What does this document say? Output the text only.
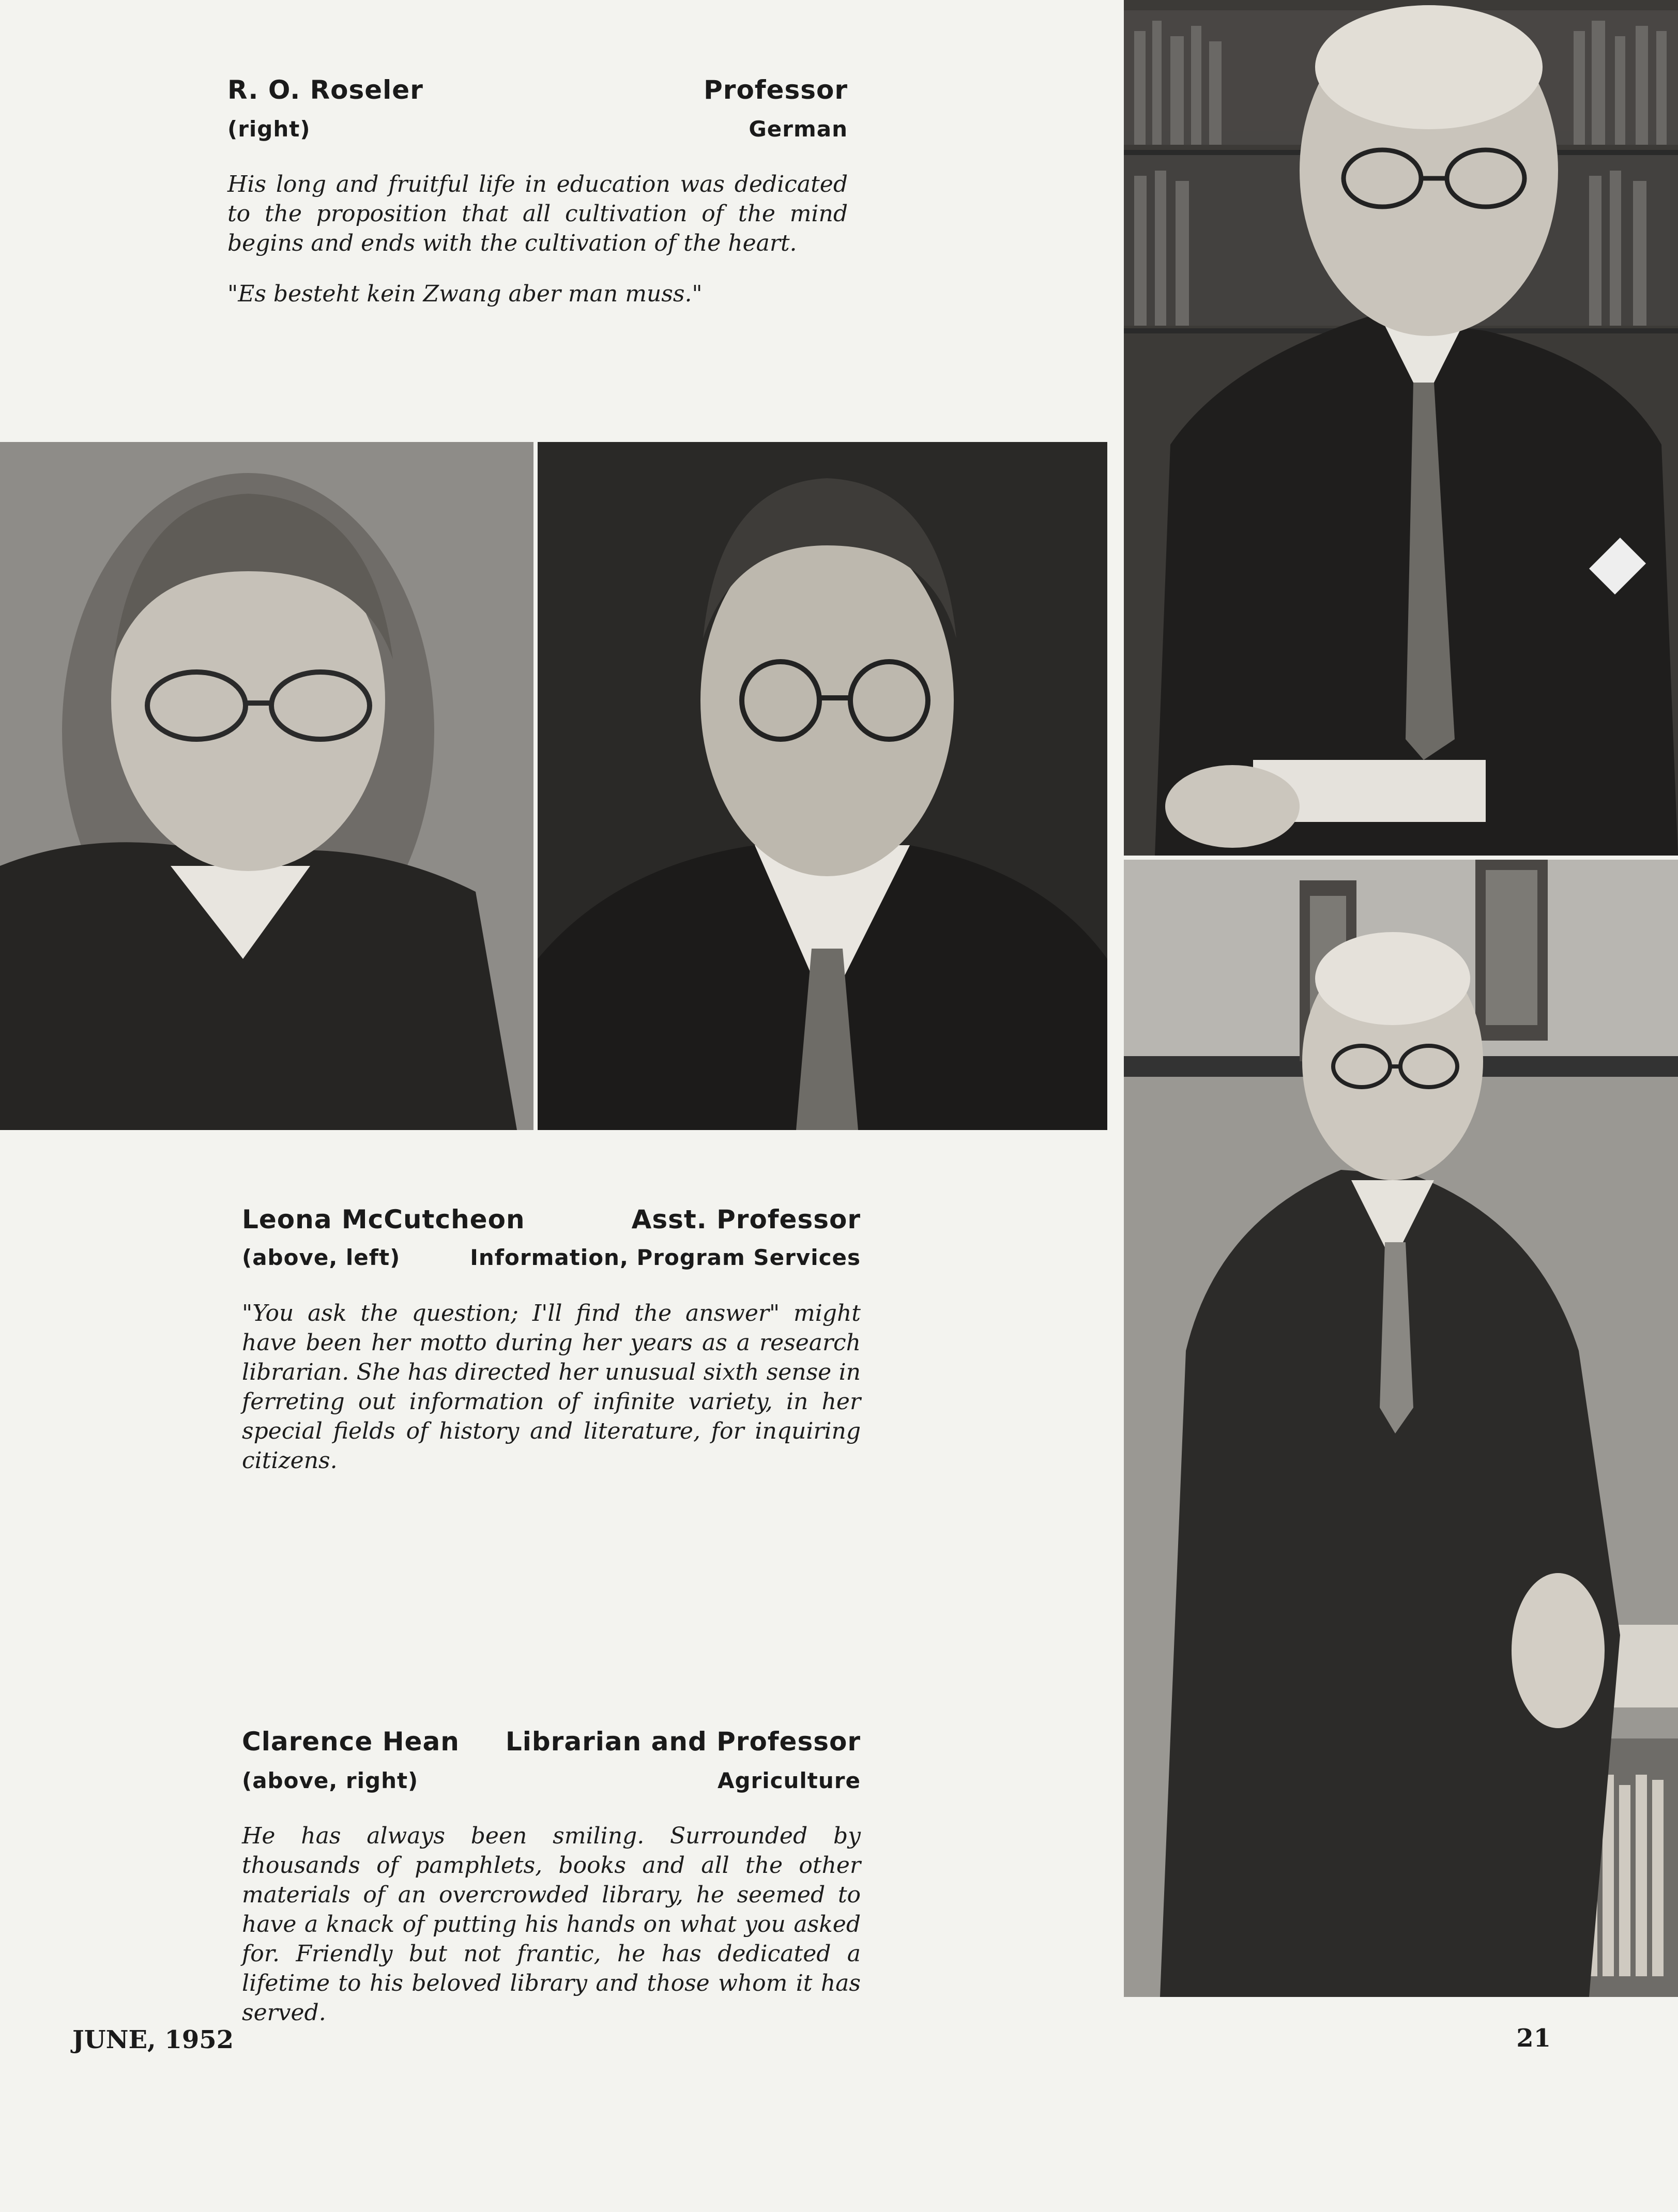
R. O. Roseler	Professor
(right)	German

His long and fruitful life in education was dedicated to the proposition that all cultivation of the mind begins and ends with the cultivation of the heart.

"Es besteht kein Zwang aber man muss."

Leona McCutcheon	Asst. Professor
(above, left)	Information, Program Services

"You ask the question; I'll find the answer" might have been her motto during her years as a research librarian. She has directed her unusual sixth sense in ferreting out information of infinite variety, in her special fields of history and literature, for inquiring citizens.

Clarence Hean	Librarian and Professor
(above, right)	Agriculture

He has always been smiling. Surrounded by thousands of pamphlets, books and all the other materials of an overcrowded library, he seemed to have a knack of putting his hands on what you asked for. Friendly but not frantic, he has dedicated a lifetime to his beloved library and those whom it has served.

JUNE, 1952	21
